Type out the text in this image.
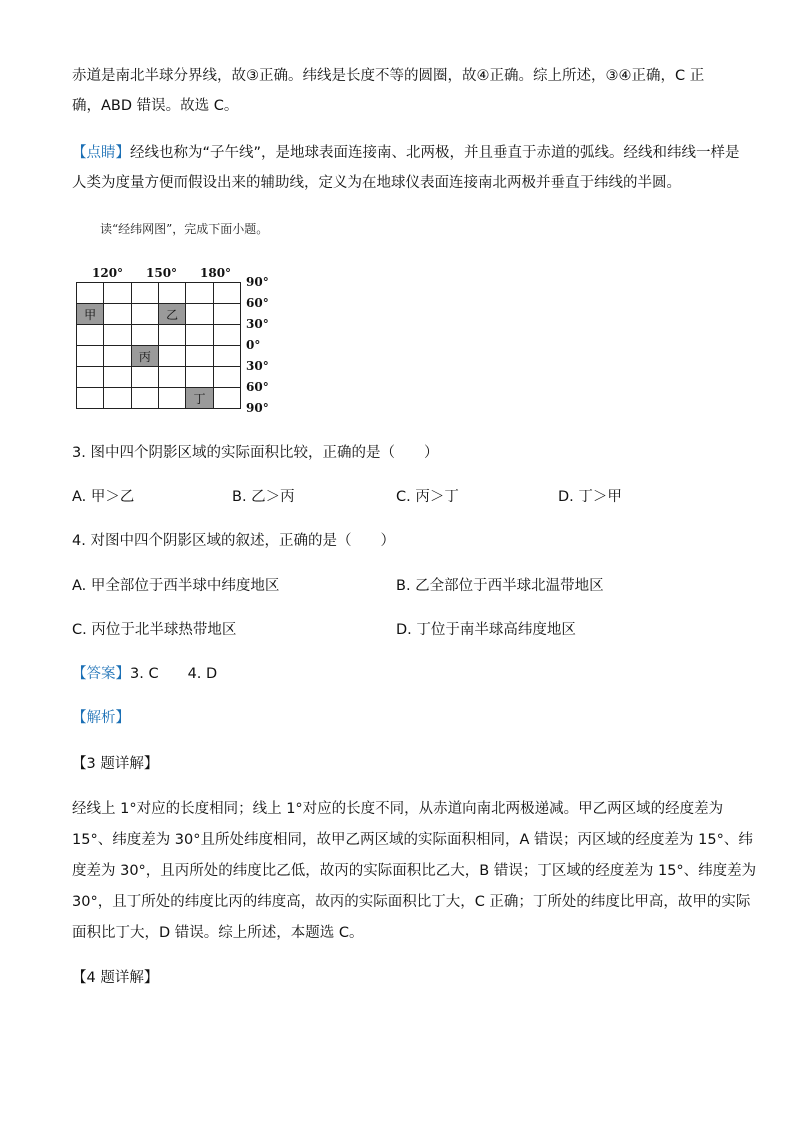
赤道是南北半球分界线，故③正确。纬线是长度不等的圆圈，故④正确。综上所述，③④正确，C 正
确，ABD 错误。故选 C。
【点睛】经线也称为“子午线”，是地球表面连接南、北两极，并且垂直于赤道的弧线。经线和纬线一样是
人类为度量方便而假设出来的辅助线，定义为在地球仪表面连接南北两极并垂直于纬线的半圆。
读“经纬网图”，完成下面小题。
120° 150° 180°
90°
60°
30°
0°
30°
60°
90°
甲	乙
丙
丁
3. 图中四个阴影区域的实际面积比较，正确的是（　　）
A. 甲＞乙	B. 乙＞丙	C. 丙＞丁	D. 丁＞甲
4. 对图中四个阴影区域的叙述，正确的是（　　）
A. 甲全部位于西半球中纬度地区	B. 乙全部位于西半球北温带地区
C. 丙位于北半球热带地区	D. 丁位于南半球高纬度地区
【答案】3. C　　4. D
【解析】
【3 题详解】
经线上 1°对应的长度相同；线上 1°对应的长度不同，从赤道向南北两极递减。甲乙两区域的经度差为
15°、纬度差为 30°且所处纬度相同，故甲乙两区域的实际面积相同，A 错误；丙区域的经度差为 15°、纬
度差为 30°，且丙所处的纬度比乙低，故丙的实际面积比乙大，B 错误；丁区域的经度差为 15°、纬度差为
30°，且丁所处的纬度比丙的纬度高，故丙的实际面积比丁大，C 正确；丁所处的纬度比甲高，故甲的实际
面积比丁大，D 错误。综上所述，本题选 C。
【4 题详解】
